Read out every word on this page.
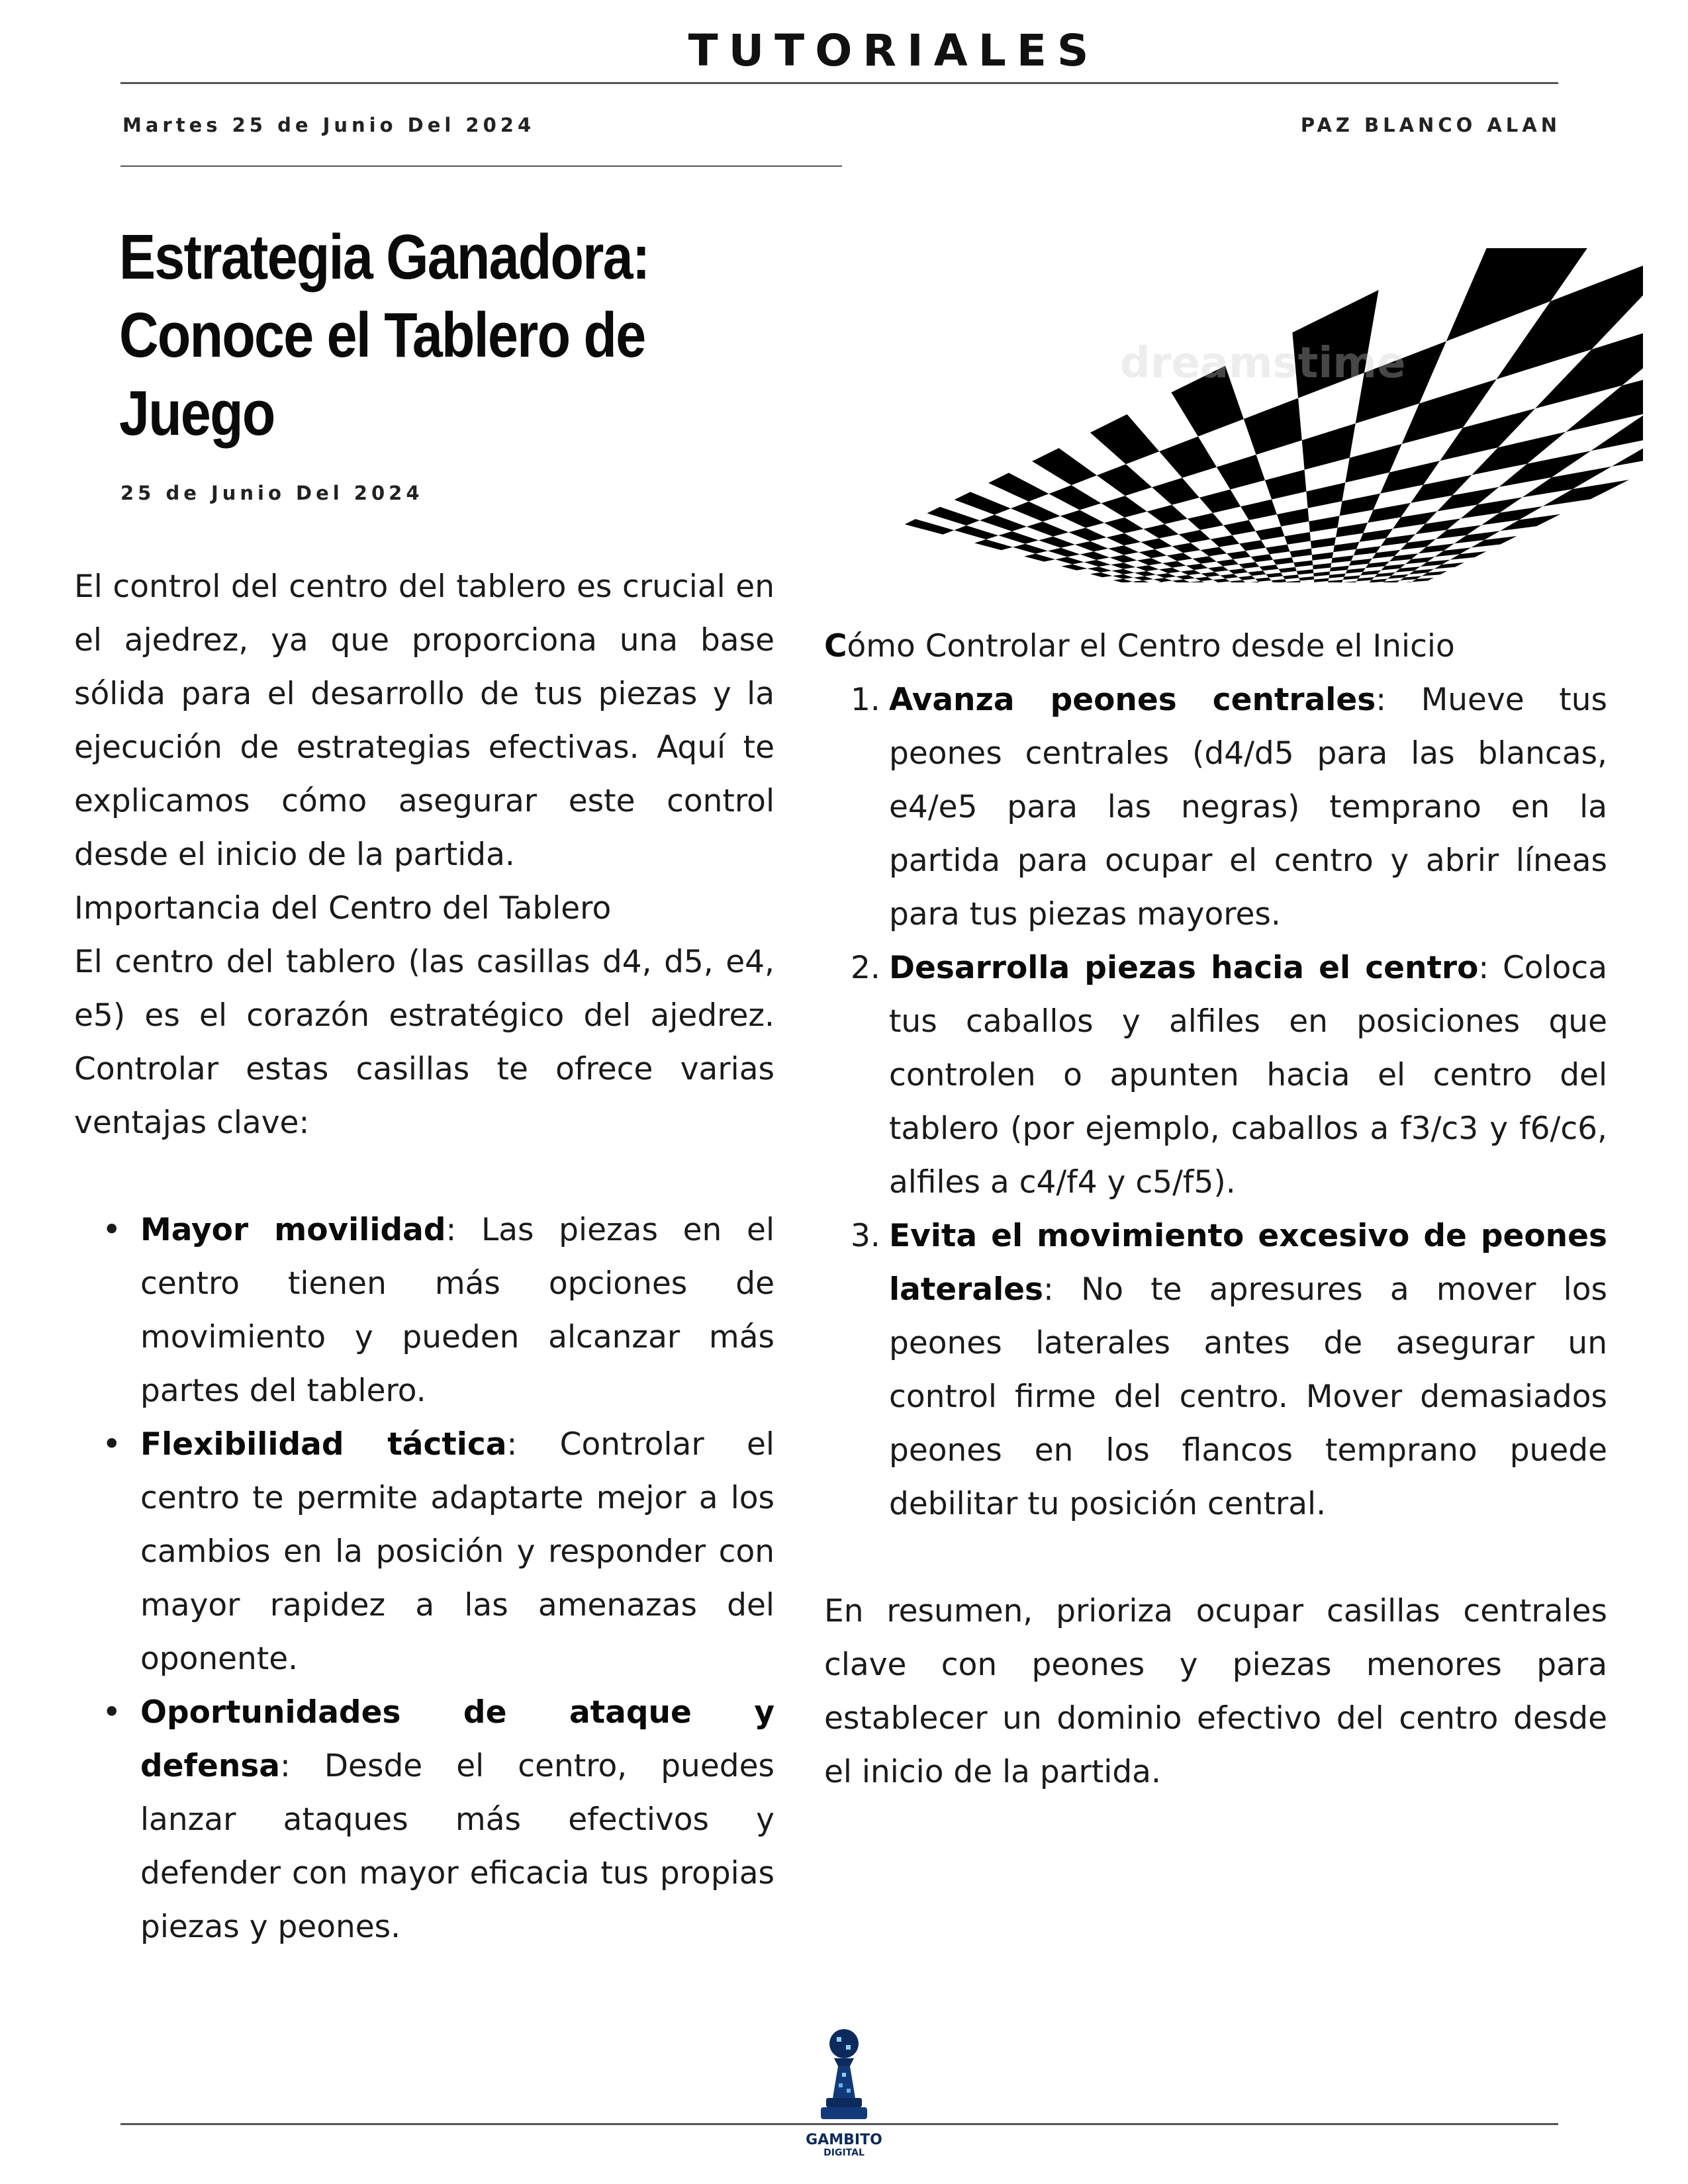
TUTORIALES
Martes 25 de Junio Del 2024	PAZ BLANCO ALAN
Estrategia Ganadora:
Conoce el Tablero de Juego
25 de Junio Del 2024
dreamstime

El control del centro del tablero es crucial en el ajedrez, ya que proporciona una base sólida para el desarrollo de tus piezas y la ejecución de estrategias efectivas. Aquí te explicamos cómo asegurar este control desde el inicio de la partida.

Importancia del Centro del Tablero

El centro del tablero (las casillas d4, d5, e4, e5) es el corazón estratégico del ajedrez. Controlar estas casillas te ofrece varias ventajas clave:

• Mayor movilidad: Las piezas en el centro tienen más opciones de movimiento y pueden alcanzar más partes del tablero.
• Flexibilidad táctica: Controlar el centro te permite adaptarte mejor a los cambios en la posición y responder con mayor rapidez a las amenazas del oponente.
• Oportunidades de ataque y defensa: Desde el centro, puedes lanzar ataques más efectivos y defender con mayor eficacia tus propias piezas y peones.

Cómo Controlar el Centro desde el Inicio

1. Avanza peones centrales: Mueve tus peones centrales (d4/d5 para las blancas, e4/e5 para las negras) temprano en la partida para ocupar el centro y abrir líneas para tus piezas mayores.
2. Desarrolla piezas hacia el centro: Coloca tus caballos y alfiles en posiciones que controlen o apunten hacia el centro del tablero (por ejemplo, caballos a f3/c3 y f6/c6, alfiles a c4/f4 y c5/f5).
3. Evita el movimiento excesivo de peones laterales: No te apresures a mover los peones laterales antes de asegurar un control firme del centro. Mover demasiados peones en los flancos temprano puede debilitar tu posición central.

En resumen, prioriza ocupar casillas centrales clave con peones y piezas menores para establecer un dominio efectivo del centro desde el inicio de la partida.

GAMBITO
DIGITAL
